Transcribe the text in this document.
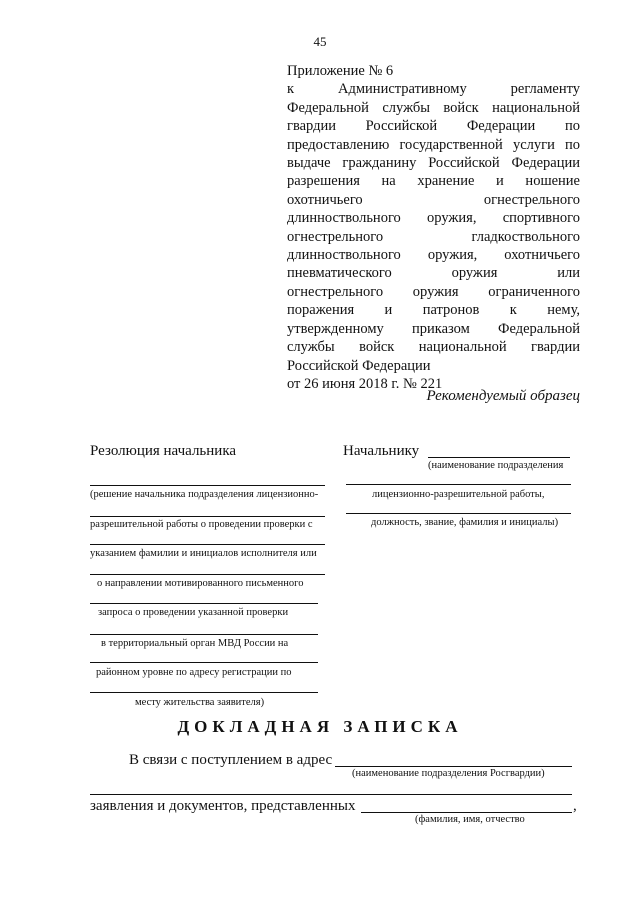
45
Приложение № 6
к Административному регламенту
Федеральной службы войск национальной
гвардии Российской Федерации по
предоставлению государственной услуги по
выдаче гражданину Российской Федерации
разрешения на хранение и ношение
охотничьего огнестрельного
длинноствольного оружия, спортивного
огнестрельного гладкоствольного
длинноствольного оружия, охотничьего
пневматического оружия или
огнестрельного оружия ограниченного
поражения и патронов к нему,
утвержденному приказом Федеральной
службы войск национальной гвардии
Российской Федерации
от 26 июня 2018 г. № 221
Рекомендуемый образец
Резолюция начальника
(решение начальника подразделения лицензионно-
разрешительной работы о проведении проверки с
указанием фамилии и инициалов исполнителя или
о направлении мотивированного письменного
запроса о проведении указанной проверки
в территориальный орган МВД России на
районном уровне по адресу регистрации по
месту жительства заявителя)
Начальнику
(наименование подразделения
лицензионно-разрешительной работы,
должность, звание, фамилия и инициалы)
ДОКЛАДНАЯ ЗАПИСКА
В связи с поступлением в адрес
(наименование подразделения Росгвардии)
заявления и документов, представленных	,
(фамилия, имя, отчество
